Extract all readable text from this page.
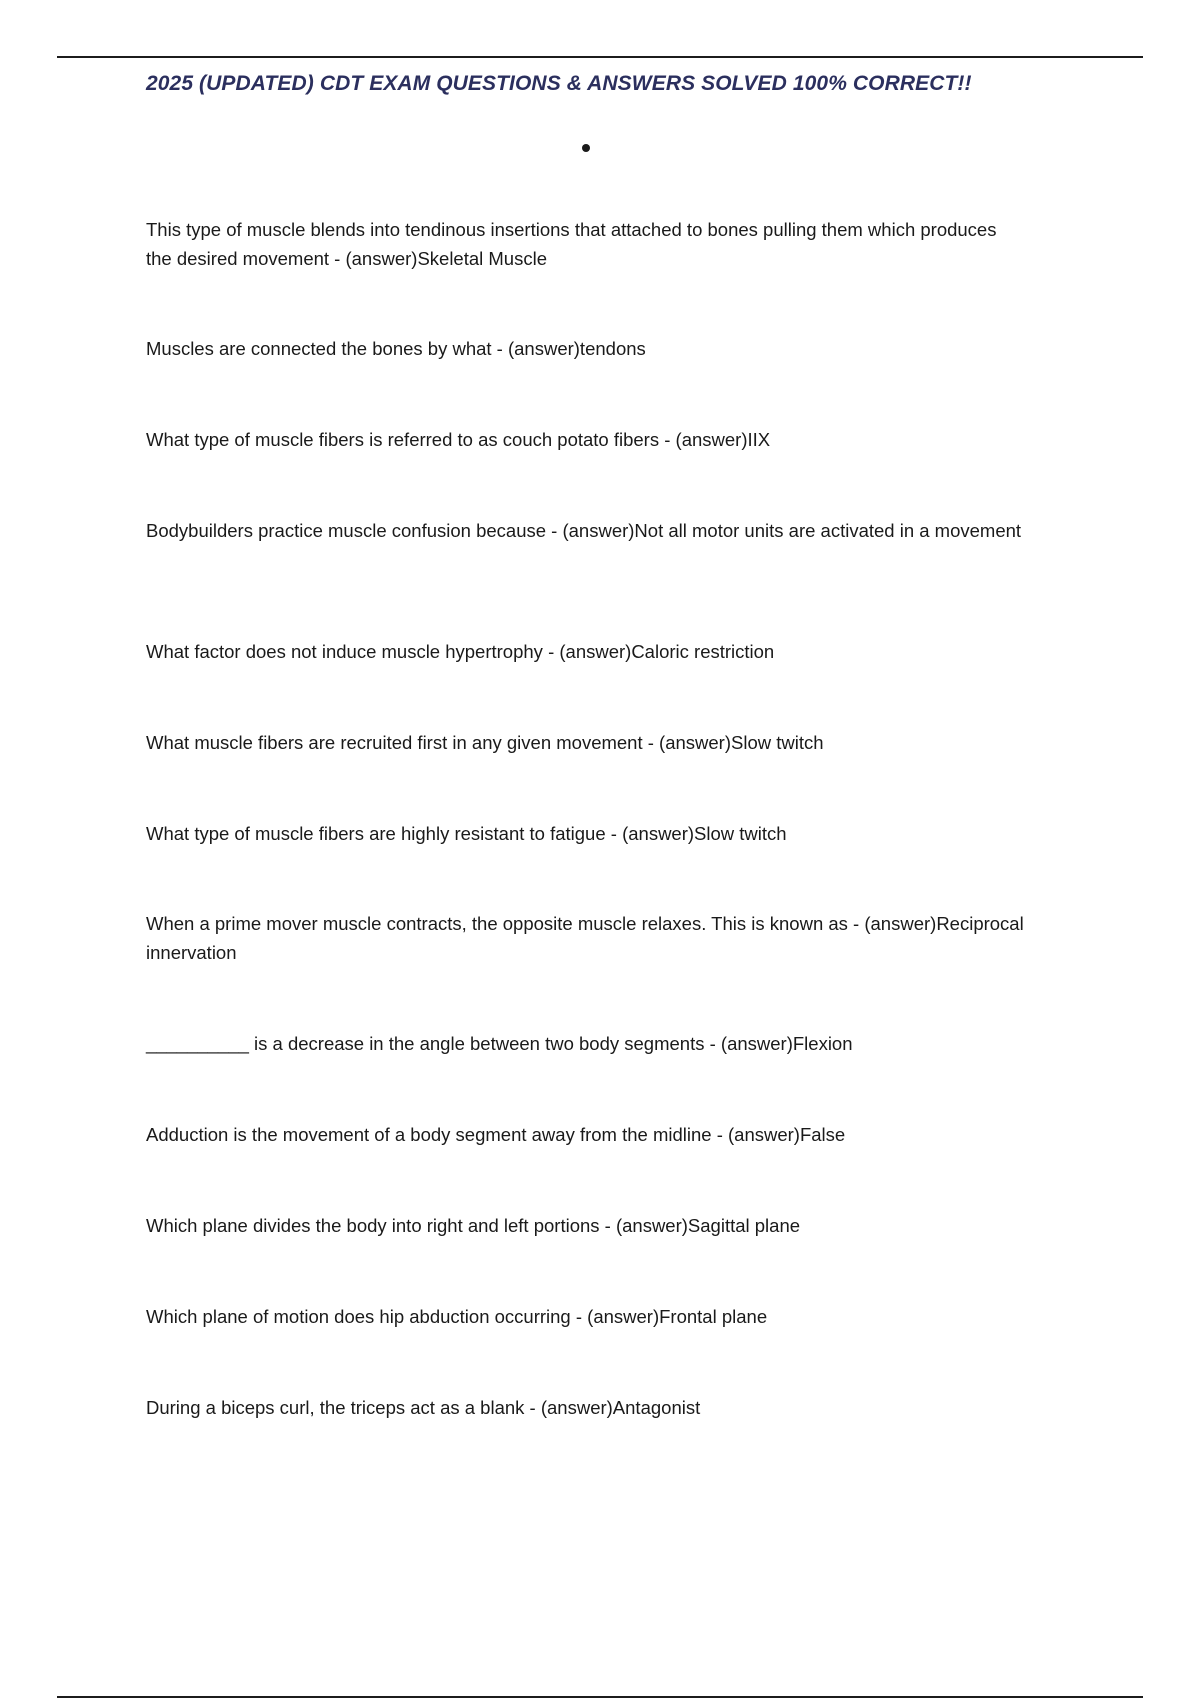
2025 (UPDATED) CDT EXAM QUESTIONS & ANSWERS SOLVED 100% CORRECT!!

This type of muscle blends into tendinous insertions that attached to bones pulling them which produces the desired movement - (answer)Skeletal Muscle

Muscles are connected the bones by what - (answer)tendons

What type of muscle fibers is referred to as couch potato fibers - (answer)IIX

Bodybuilders practice muscle confusion because - (answer)Not all motor units are activated in a movement

What factor does not induce muscle hypertrophy - (answer)Caloric restriction

What muscle fibers are recruited first in any given movement - (answer)Slow twitch

What type of muscle fibers are highly resistant to fatigue - (answer)Slow twitch

When a prime mover muscle contracts, the opposite muscle relaxes. This is known as - (answer)Reciprocal innervation

__________ is a decrease in the angle between two body segments - (answer)Flexion

Adduction is the movement of a body segment away from the midline - (answer)False

Which plane divides the body into right and left portions - (answer)Sagittal plane

Which plane of motion does hip abduction occurring - (answer)Frontal plane

During a biceps curl, the triceps act as a blank - (answer)Antagonist
